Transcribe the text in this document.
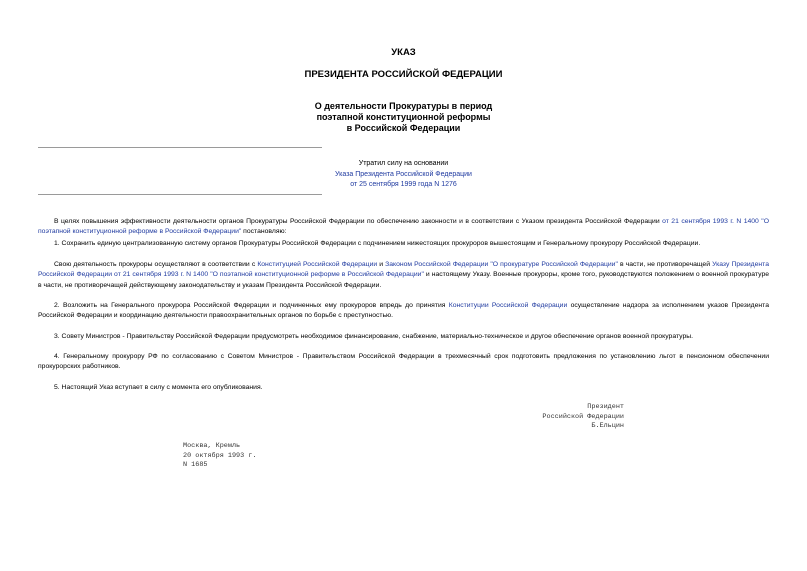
УКАЗ
ПРЕЗИДЕНТА РОССИЙСКОЙ ФЕДЕРАЦИИ
О деятельности Прокуратуры в период
поэтапной конституционной реформы
в Российской Федерации
Утратил силу на основании
Указа Президента Российской Федерации
от 25 сентября 1999 года N 1276

В целях повышения эффективности деятельности органов Прокуратуры Российской Федерации по обеспечению законности и в соответствии с Указом президента Российской Федерации от 21 сентября 1993 г. N 1400 "О поэтапной конституционной реформе в Российской Федерации" постановляю:

1. Сохранить единую централизованную систему органов Прокуратуры Российской Федерации с подчинением нижестоящих прокуроров вышестоящим и Генеральному прокурору Российской Федерации.

Свою деятельность прокуроры осуществляют в соответствии с Конституцией Российской Федерации и Законом Российской Федерации "О прокуратуре Российской Федерации" в части, не противоречащей Указу Президента Российской Федерации от 21 сентября 1993 г. N 1400 "О поэтапной конституционной реформе в Российской Федерации" и настоящему Указу. Военные прокуроры, кроме того, руководствуются положением о военной прокуратуре в части, не противоречащей действующему законодательству и указам Президента Российской Федерации.

2. Возложить на Генерального прокурора Российской Федерации и подчиненных ему прокуроров впредь до принятия Конституции Российской Федерации осуществление надзора за исполнением указов Президента Российской Федерации и координацию деятельности правоохранительных органов по борьбе с преступностью.

3. Совету Министров - Правительству Российской Федерации предусмотреть необходимое финансирование, снабжение, материально-техническое и другое обеспечение органов военной прокуратуры.

4. Генеральному прокурору РФ по согласованию с Советом Министров - Правительством Российской Федерации в трехмесячный срок подготовить предложения по установлению льгот в пенсионном обеспечении прокурорских работников.

5. Настоящий Указ вступает в силу с момента его опубликования.

Президент
Российской Федерации
Б.Ельцин
Москва, Кремль
20 октября 1993 г.
N 1685
